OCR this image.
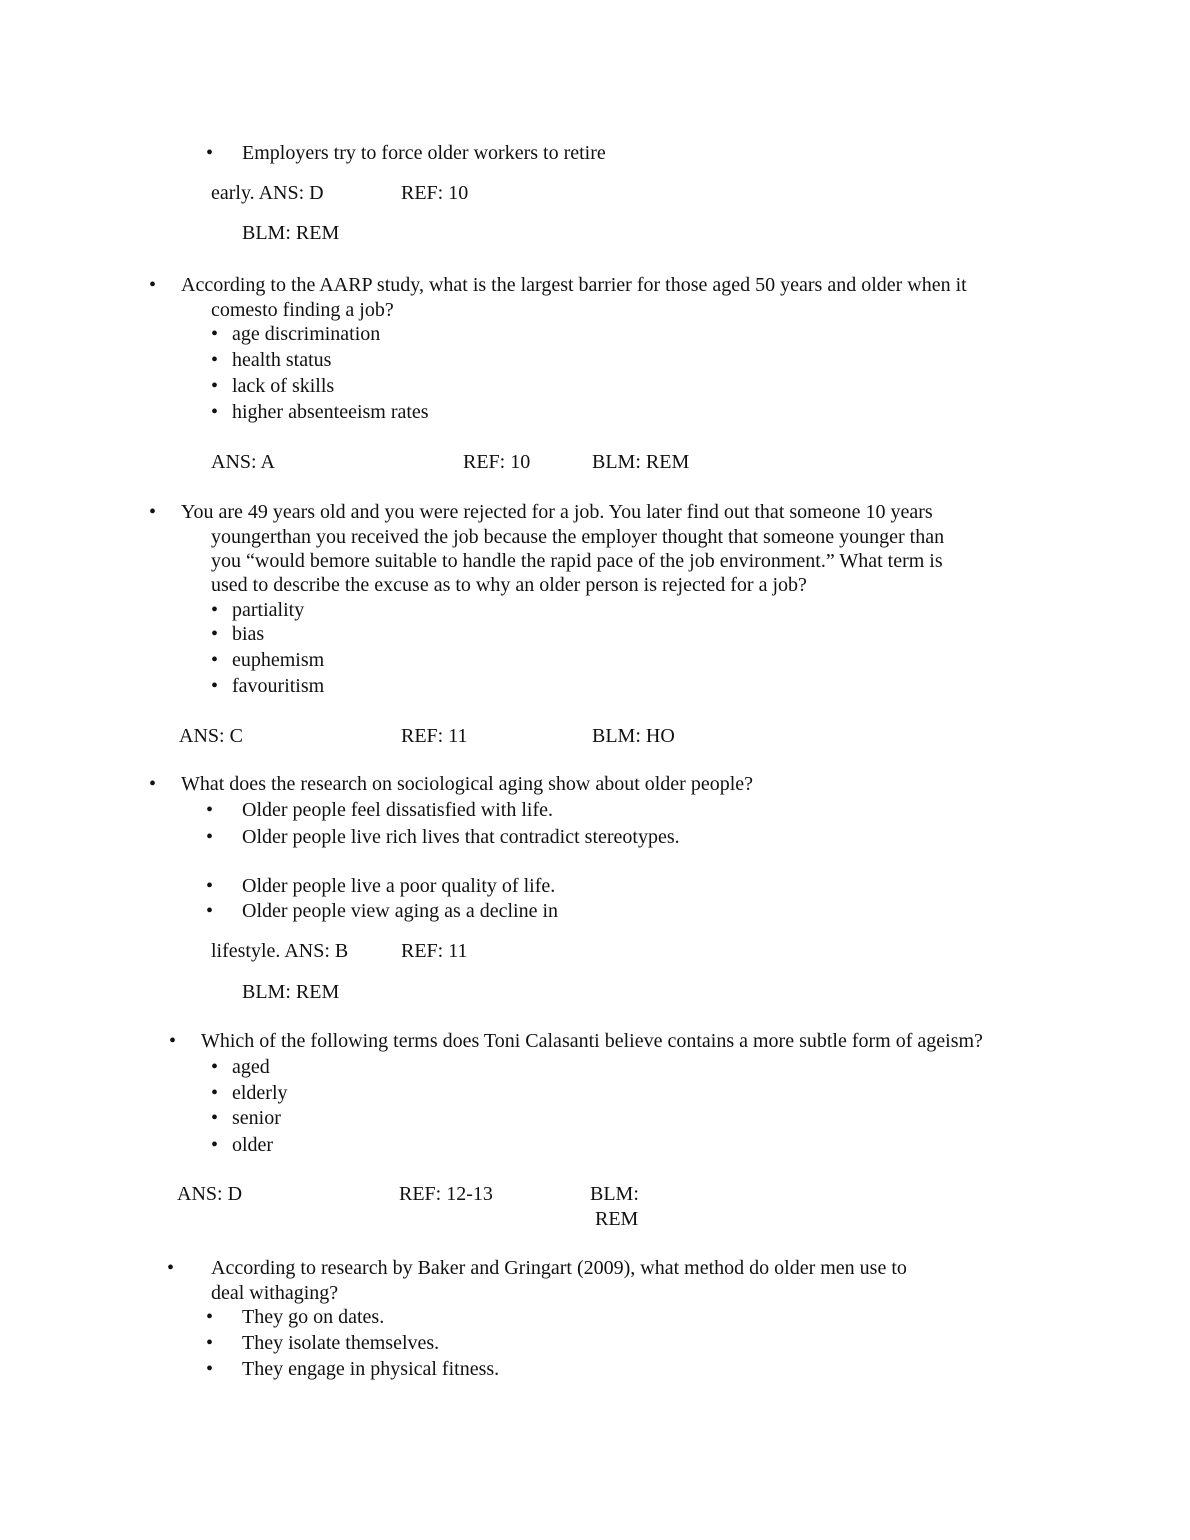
• Employers try to force older workers to retire
early. ANS: D	REF: 10
BLM: REM
• According to the AARP study, what is the largest barrier for those aged 50 years and older when it
comesto finding a job?
• age discrimination
• health status
• lack of skills
• higher absenteeism rates
ANS: A	REF: 10	BLM: REM
• You are 49 years old and you were rejected for a job. You later find out that someone 10 years
youngerthan you received the job because the employer thought that someone younger than
you “would bemore suitable to handle the rapid pace of the job environment.” What term is
used to describe the excuse as to why an older person is rejected for a job?
• partiality
• bias
• euphemism
• favouritism
ANS: C	REF: 11	BLM: HO
• What does the research on sociological aging show about older people?
• Older people feel dissatisfied with life.
• Older people live rich lives that contradict stereotypes.
• Older people live a poor quality of life.
• Older people view aging as a decline in
lifestyle. ANS: B	REF: 11
BLM: REM
• Which of the following terms does Toni Calasanti believe contains a more subtle form of ageism?
• aged
• elderly
• senior
• older
ANS: D	REF: 12-13	BLM:
REM
• According to research by Baker and Gringart (2009), what method do older men use to
deal withaging?
• They go on dates.
• They isolate themselves.
• They engage in physical fitness.
